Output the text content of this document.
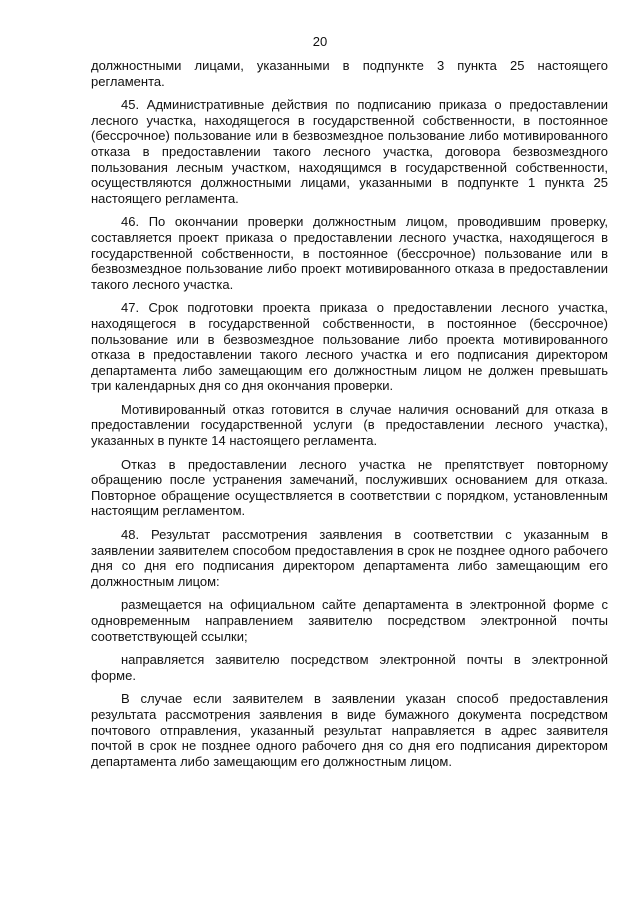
20

должностными лицами, указанными в подпункте 3 пункта 25 настоящего регламента.

45. Административные действия по подписанию приказа о предоставлении лесного участка, находящегося в государственной собственности, в постоянное (бессрочное) пользование или в безвозмездное пользование либо мотивированного отказа в предоставлении такого лесного участка, договора безвозмездного пользования лесным участком, находящимся в государственной собственности, осуществляются должностными лицами, указанными в подпункте 1 пункта 25 настоящего регламента.

46. По окончании проверки должностным лицом, проводившим проверку, составляется проект приказа о предоставлении лесного участка, находящегося в государственной собственности, в постоянное (бессрочное) пользование или в безвозмездное пользование либо проект мотивированного отказа в предоставлении такого лесного участка.

47. Срок подготовки проекта приказа о предоставлении лесного участка, находящегося в государственной собственности, в постоянное (бессрочное) пользование или в безвозмездное пользование либо проекта мотивированного отказа в предоставлении такого лесного участка и его подписания директором департамента либо замещающим его должностным лицом не должен превышать три календарных дня со дня окончания проверки.

Мотивированный отказ готовится в случае наличия оснований для отказа в предоставлении государственной услуги (в предоставлении лесного участка), указанных в пункте 14 настоящего регламента.

Отказ в предоставлении лесного участка не препятствует повторному обращению после устранения замечаний, послуживших основанием для отказа. Повторное обращение осуществляется в соответствии с порядком, установленным настоящим регламентом.

48. Результат рассмотрения заявления в соответствии с указанным в заявлении заявителем способом предоставления в срок не позднее одного рабочего дня со дня его подписания директором департамента либо замещающим его должностным лицом:

размещается на официальном сайте департамента в электронной форме с одновременным направлением заявителю посредством электронной почты соответствующей ссылки;

направляется заявителю посредством электронной почты в электронной форме.

В случае если заявителем в заявлении указан способ предоставления результата рассмотрения заявления в виде бумажного документа посредством почтового отправления, указанный результат направляется в адрес заявителя почтой в срок не позднее одного рабочего дня со дня его подписания директором департамента либо замещающим его должностным лицом.
